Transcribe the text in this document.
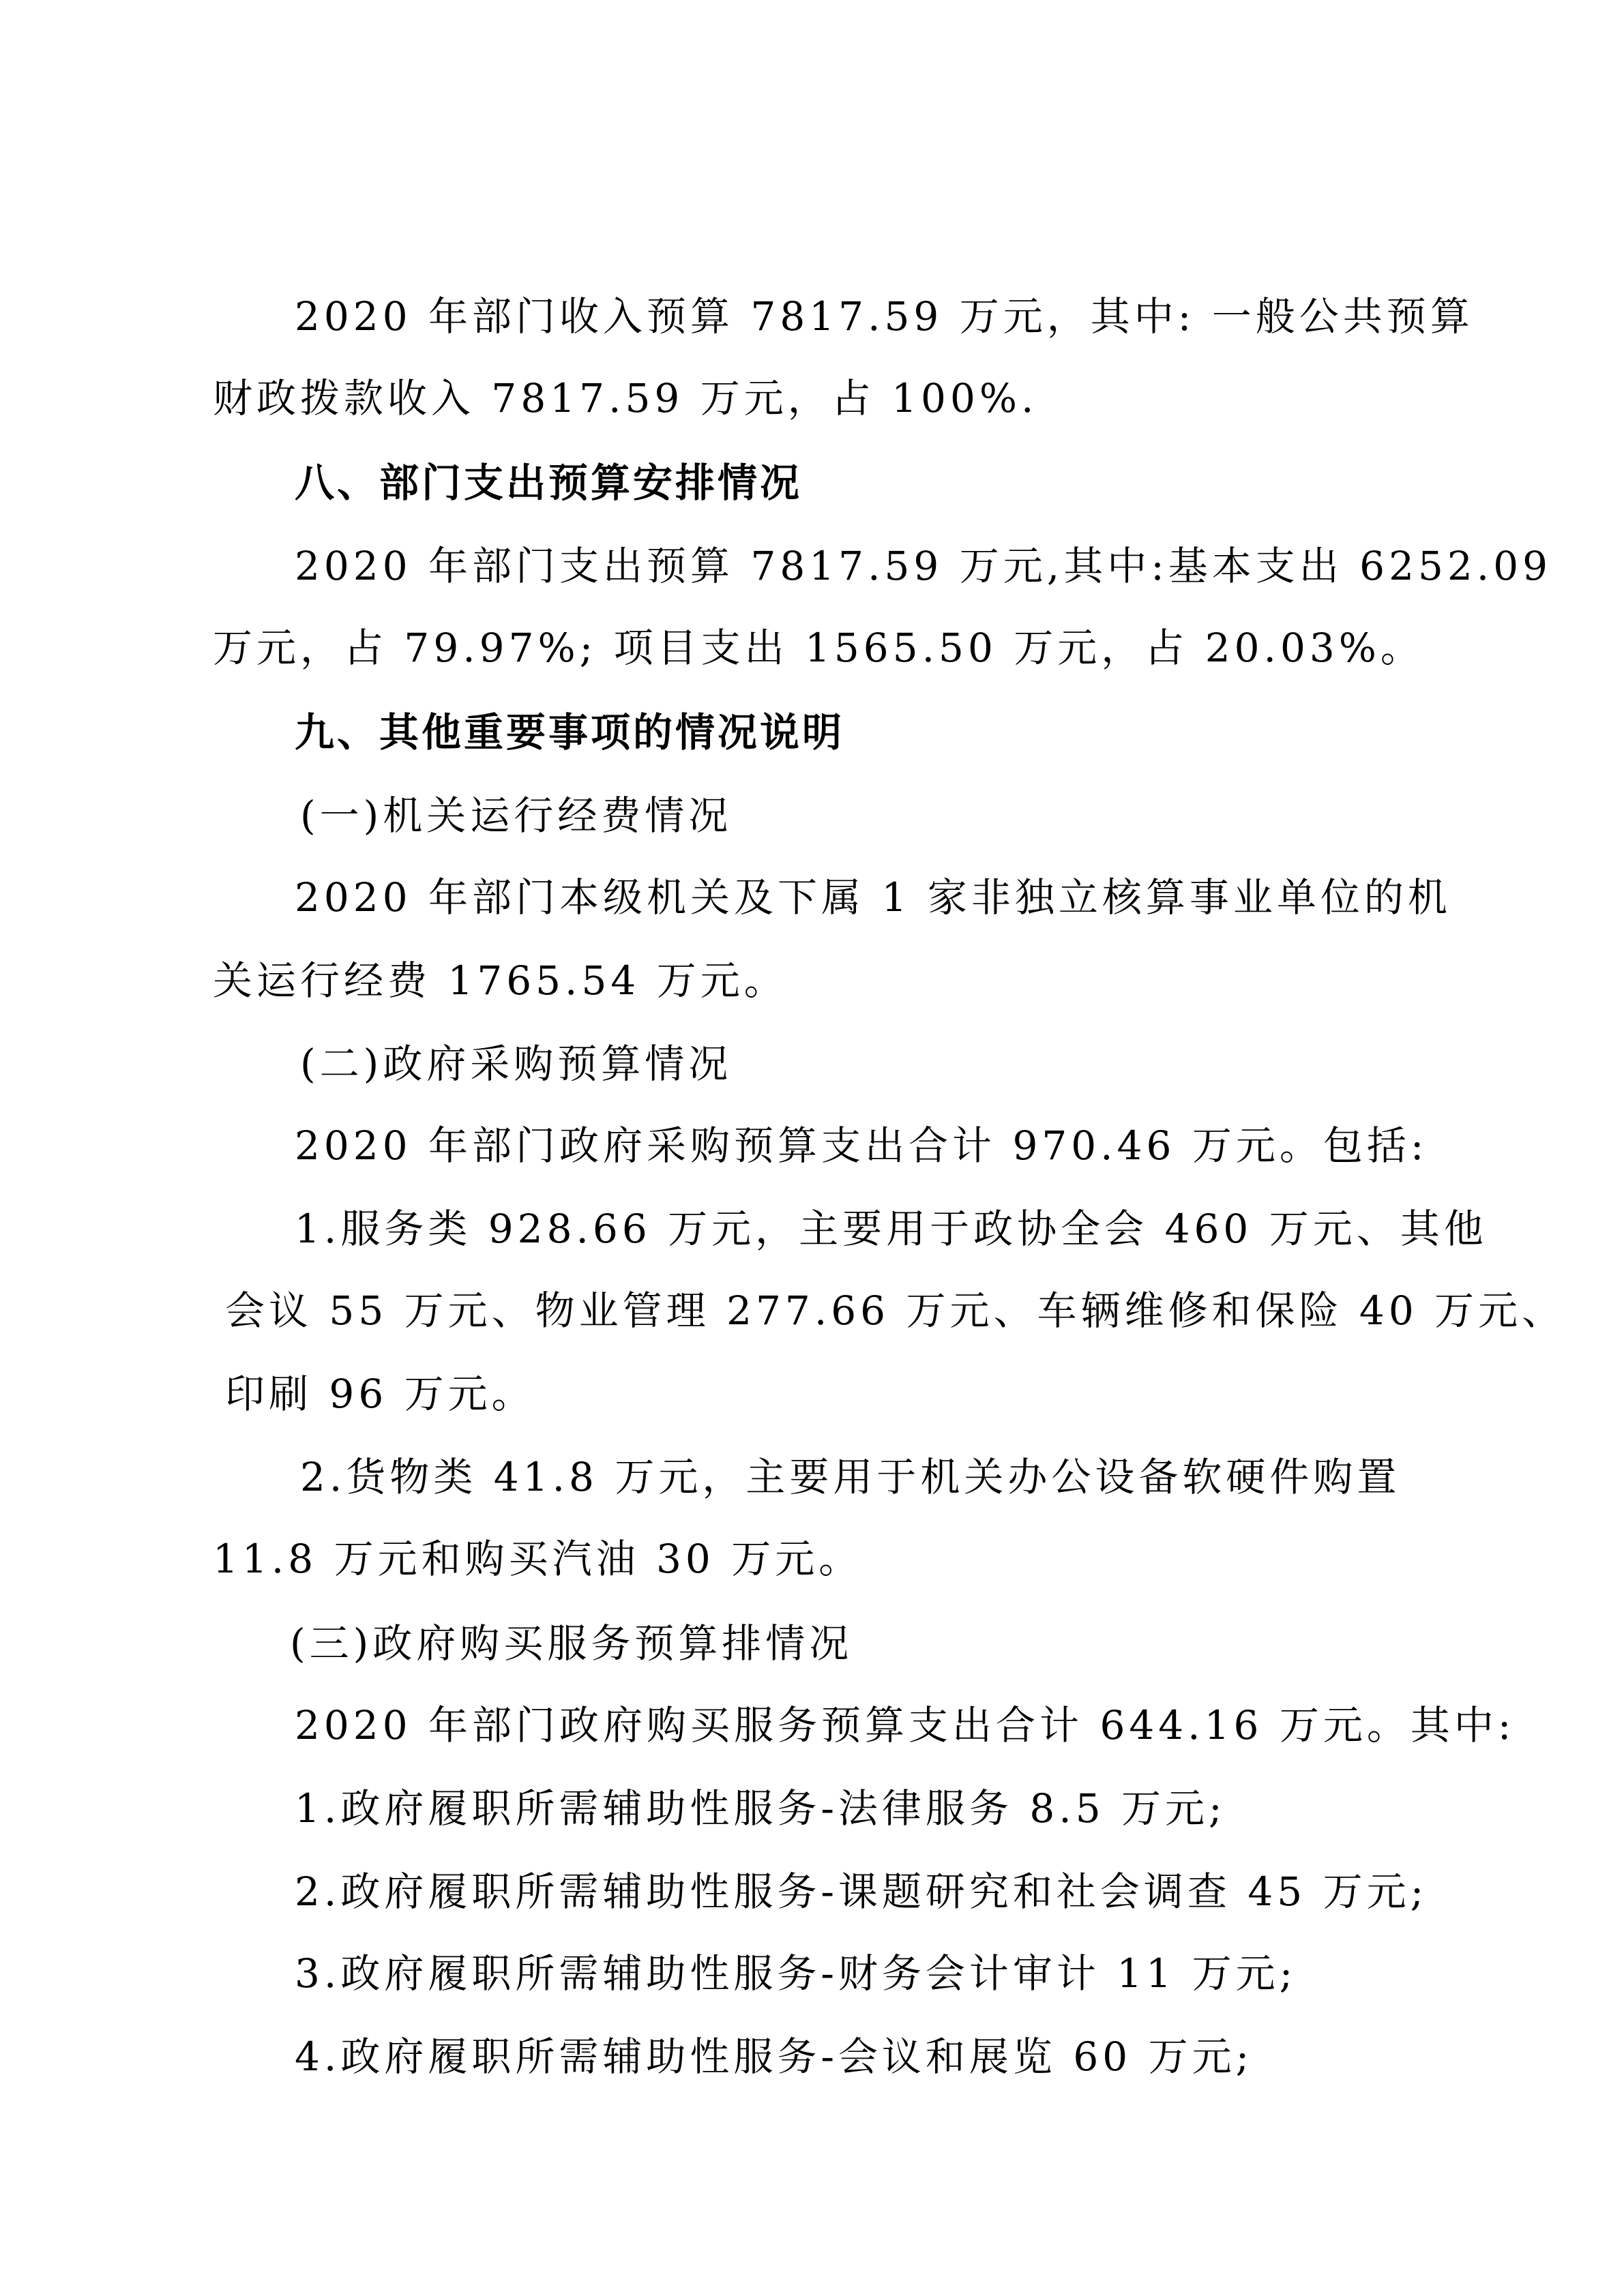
2020 年部门收入预算 7817.59 万元，其中: 一般公共预算

财政拨款收入 7817.59 万元，占 100%.

八、部门支出预算安排情况

2020 年部门支出预算 7817.59 万元,其中:基本支出 6252.09

万元，占 79.97%; 项目支出 1565.50 万元，占 20.03%。

九、其他重要事项的情况说明

(一)机关运行经费情况

2020 年部门本级机关及下属 1 家非独立核算事业单位的机

关运行经费 1765.54 万元。

(二)政府采购预算情况

2020 年部门政府采购预算支出合计 970.46 万元。包括:

1.服务类 928.66 万元，主要用于政协全会 460 万元、其他

会议 55 万元、物业管理 277.66 万元、车辆维修和保险 40 万元、

印刷 96 万元。

2.货物类 41.8 万元，主要用于机关办公设备软硬件购置

11.8 万元和购买汽油 30 万元。

(三)政府购买服务预算排情况

2020 年部门政府购买服务预算支出合计 644.16 万元。其中:

1.政府履职所需辅助性服务-法律服务 8.5 万元;

2.政府履职所需辅助性服务-课题研究和社会调查 45 万元;

3.政府履职所需辅助性服务-财务会计审计 11 万元;

4.政府履职所需辅助性服务-会议和展览 60 万元;
